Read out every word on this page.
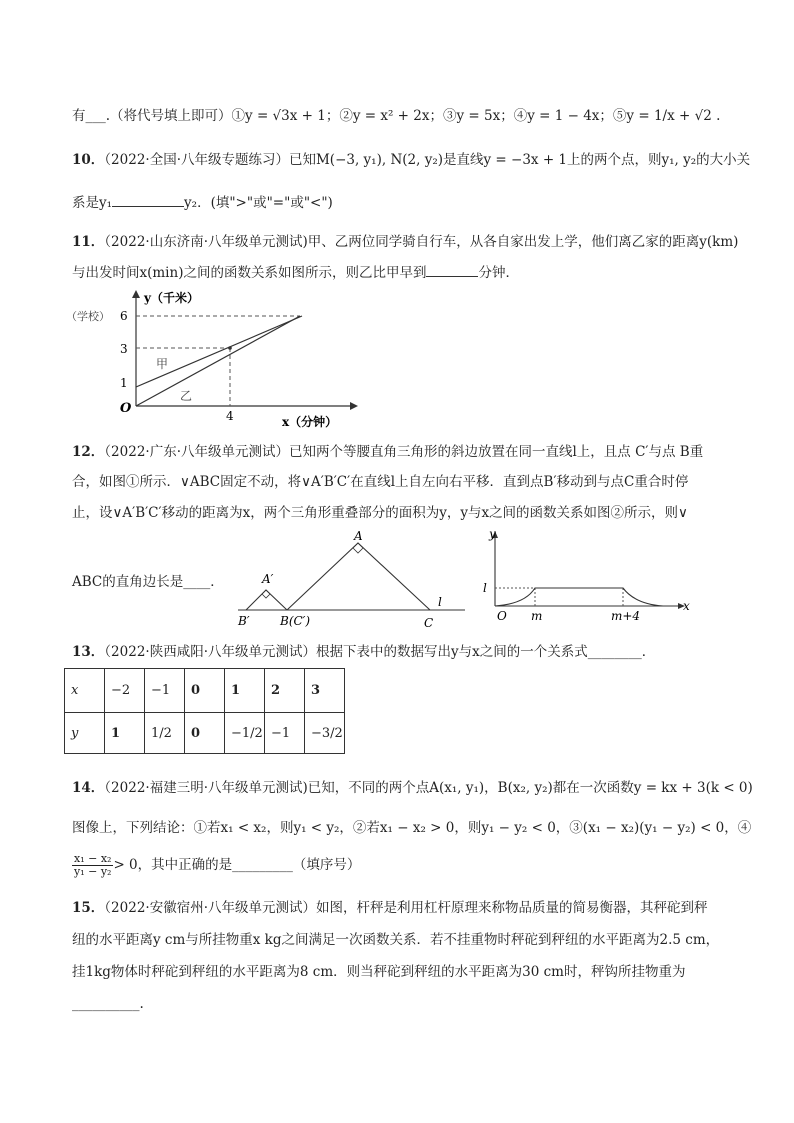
有___.（将代号填上即可）①y = √3x + 1；②y = x² + 2x；③y = 5x；④y = 1 − 4x；⑤y = 1/x + √2 .
10．（2022·全国·八年级专题练习）已知M(−3, y₁), N(2, y₂)是直线y = −3x + 1上的两个点，则y₁, y₂的大小关
系是y₁	y₂．(填">"或"="或"<")
11．（2022·山东济南·八年级单元测试)甲、乙两位同学骑自行车，从各自家出发上学，他们离乙家的距离y(km)
与出发时间x(min)之间的函数关系如图所示，则乙比甲早到	分钟．
y（千米）
（学校） 6
3
1
O	4
甲
乙
x（分钟）
12．（2022·广东·八年级单元测试）已知两个等腰直角三角形的斜边放置在同一直线l上，且点 C′与点 B重
合，如图①所示．∨ABC固定不动，将∨A′B′C′在直线l上自左向右平移．直到点B′移动到与点C重合时停
止，设∨A′B′C′移动的距离为x，两个三角形重叠部分的面积为y，y与x之间的函数关系如图②所示，则∨
ABC的直角边长是____．
A
A′
B′	B(C′)	C
l
y
x
O
l
m	m+4
13．（2022·陕西咸阳·八年级单元测试）根据下表中的数据写出y与x之间的一个关系式________．
x	−2	−1	0	1	2	3
y	1	1/2	0	−1/2	−1	−3/2
14．（2022·福建三明·八年级单元测试)已知，不同的两个点A(x₁, y₁)，B(x₂, y₂)都在一次函数y = kx + 3(k < 0)
图像上，下列结论：①若x₁ < x₂，则y₁ < y₂，②若x₁ − x₂ > 0，则y₁ − y₂ < 0，③(x₁ − x₂)(y₁ − y₂) < 0，④
$\frac{\text{x₁ − x₂}}{\text{y₁ − y₂}} > 0$，其中正确的是_________（填序号）
15．（2022·安徽宿州·八年级单元测试）如图，杆秤是利用杠杆原理来称物品质量的简易衡器，其秤砣到秤
纽的水平距离y cm与所挂物重x kg之间满足一次函数关系．若不挂重物时秤砣到秤纽的水平距离为2.5 cm，
挂1kg物体时秤砣到秤纽的水平距离为8 cm．则当秤砣到秤纽的水平距离为30 cm时，秤钩所挂物重为
__________.
